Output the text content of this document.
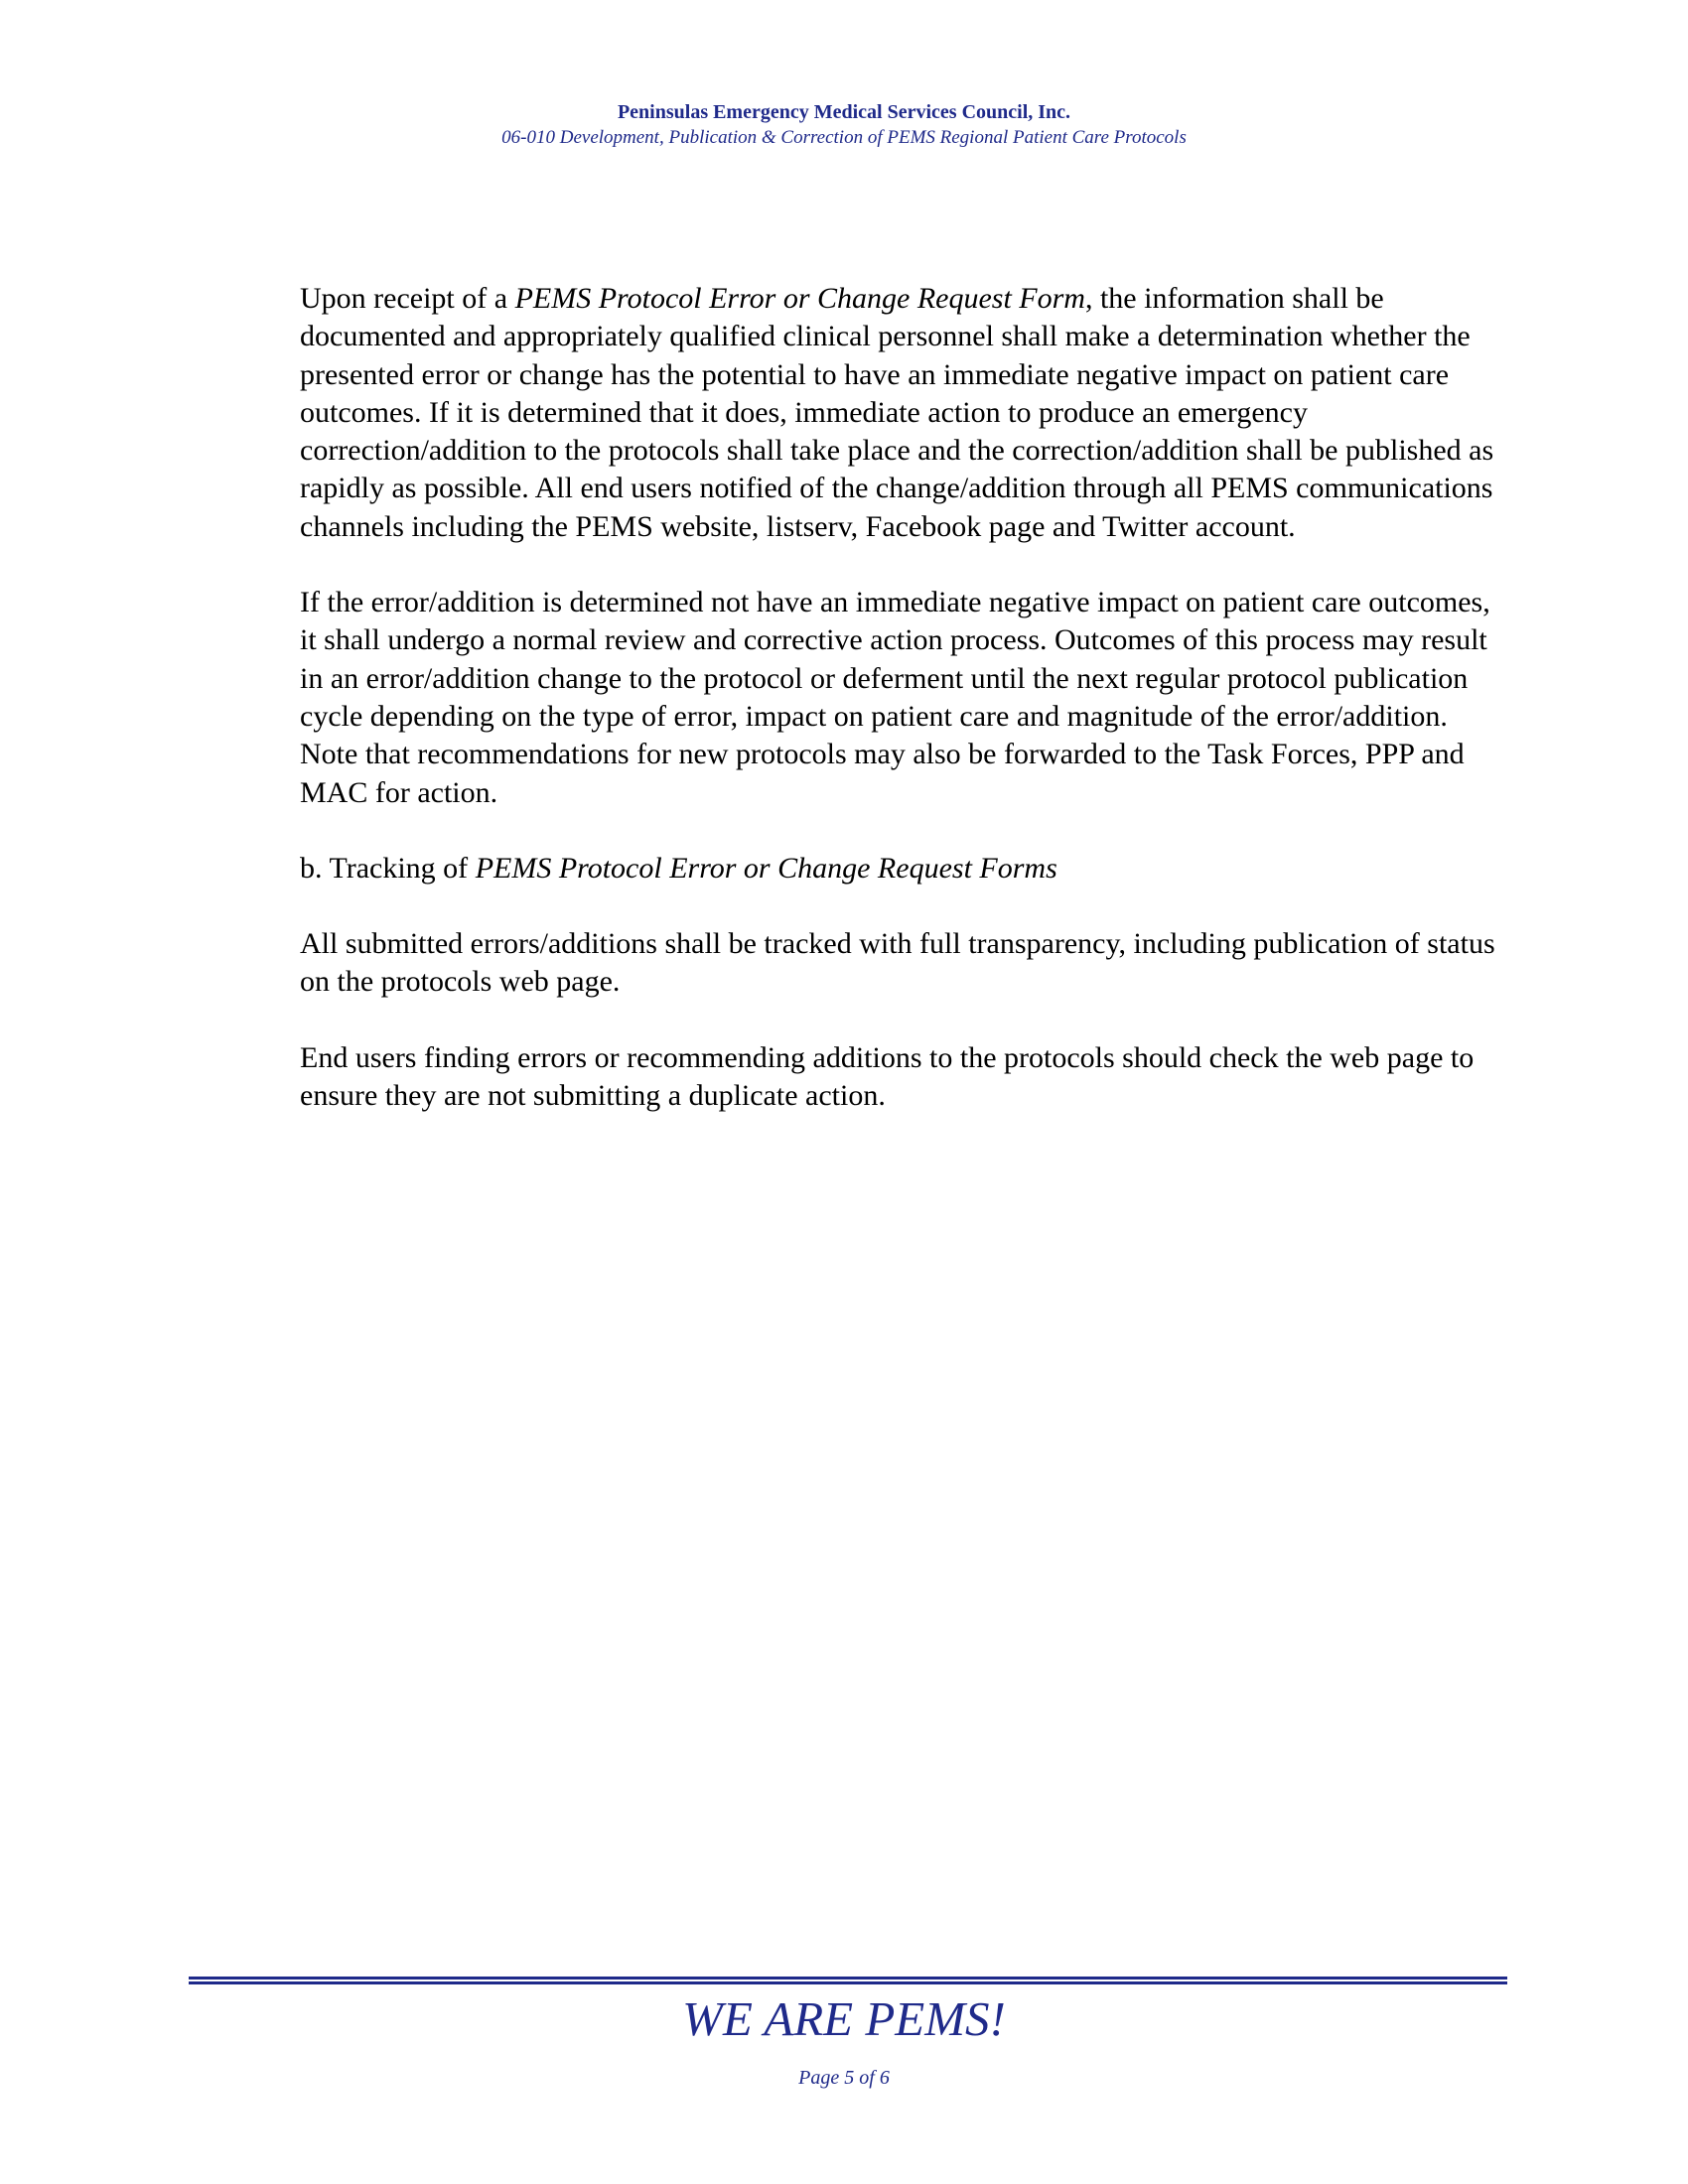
Peninsulas Emergency Medical Services Council, Inc.
06-010 Development, Publication & Correction of PEMS Regional Patient Care Protocols

Upon receipt of a PEMS Protocol Error or Change Request Form, the information shall be documented and appropriately qualified clinical personnel shall make a determination whether the presented error or change has the potential to have an immediate negative impact on patient care outcomes. If it is determined that it does, immediate action to produce an emergency correction/addition to the protocols shall take place and the correction/addition shall be published as rapidly as possible. All end users notified of the change/addition through all PEMS communications channels including the PEMS website, listserv, Facebook page and Twitter account.

If the error/addition is determined not have an immediate negative impact on patient care outcomes, it shall undergo a normal review and corrective action process. Outcomes of this process may result in an error/addition change to the protocol or deferment until the next regular protocol publication cycle depending on the type of error, impact on patient care and magnitude of the error/addition. Note that recommendations for new protocols may also be forwarded to the Task Forces, PPP and MAC for action.

b. Tracking of PEMS Protocol Error or Change Request Forms

All submitted errors/additions shall be tracked with full transparency, including publication of status on the protocols web page.

End users finding errors or recommending additions to the protocols should check the web page to ensure they are not submitting a duplicate action.

WE ARE PEMS!
Page 5 of 6
